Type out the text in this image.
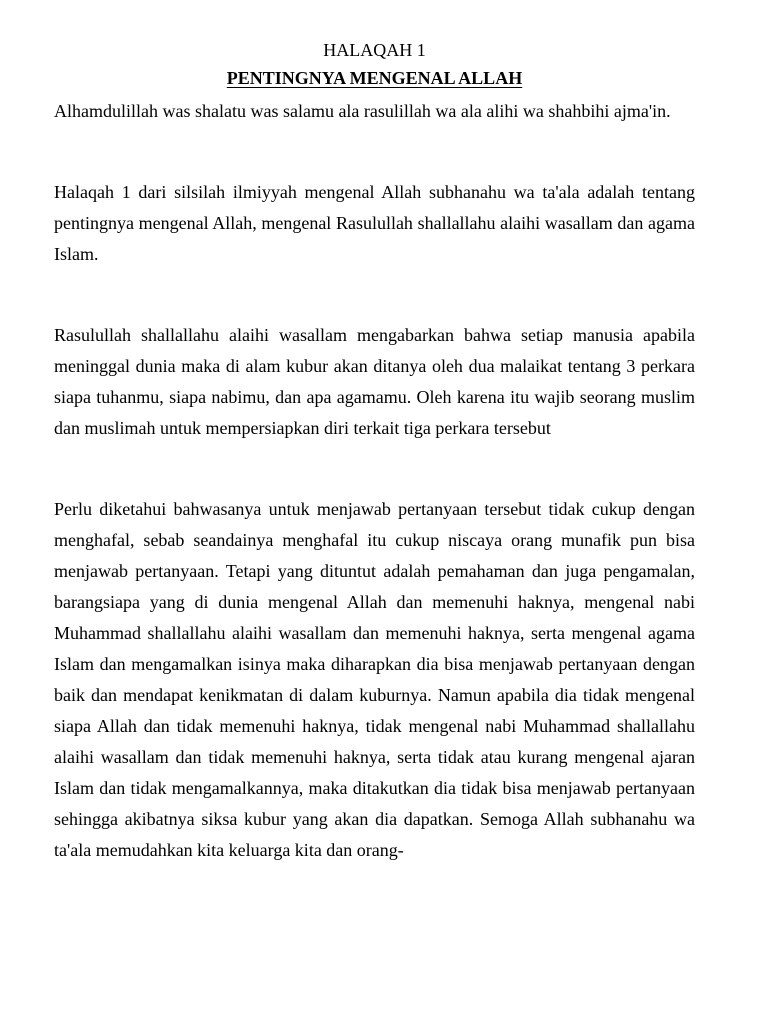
HALAQAH 1

PENTINGNYA MENGENAL ALLAH

Alhamdulillah was shalatu was salamu ala rasulillah wa ala alihi wa shahbihi ajma'in.

Halaqah 1 dari silsilah ilmiyyah mengenal Allah subhanahu wa ta'ala adalah tentang pentingnya mengenal Allah, mengenal Rasulullah shallallahu alaihi wasallam dan agama Islam.

Rasulullah shallallahu alaihi wasallam mengabarkan bahwa setiap manusia apabila meninggal dunia maka di alam kubur akan ditanya oleh dua malaikat tentang 3 perkara siapa tuhanmu, siapa nabimu, dan apa agamamu. Oleh karena itu wajib seorang muslim dan muslimah untuk mempersiapkan diri terkait tiga perkara tersebut

Perlu diketahui bahwasanya untuk menjawab pertanyaan tersebut tidak cukup dengan menghafal, sebab seandainya menghafal itu cukup niscaya orang munafik pun bisa menjawab pertanyaan. Tetapi yang dituntut adalah pemahaman dan juga pengamalan, barangsiapa yang di dunia mengenal Allah dan memenuhi haknya, mengenal nabi Muhammad shallallahu alaihi wasallam dan memenuhi haknya, serta mengenal agama Islam dan mengamalkan isinya maka diharapkan dia bisa menjawab pertanyaan dengan baik dan mendapat kenikmatan di dalam kuburnya. Namun apabila dia tidak mengenal siapa Allah dan tidak memenuhi haknya, tidak mengenal nabi Muhammad shallallahu alaihi wasallam dan tidak memenuhi haknya, serta tidak atau kurang mengenal ajaran Islam dan tidak mengamalkannya, maka ditakutkan dia tidak bisa menjawab pertanyaan sehingga akibatnya siksa kubur yang akan dia dapatkan. Semoga Allah subhanahu wa ta'ala memudahkan kita keluarga kita dan orang-
